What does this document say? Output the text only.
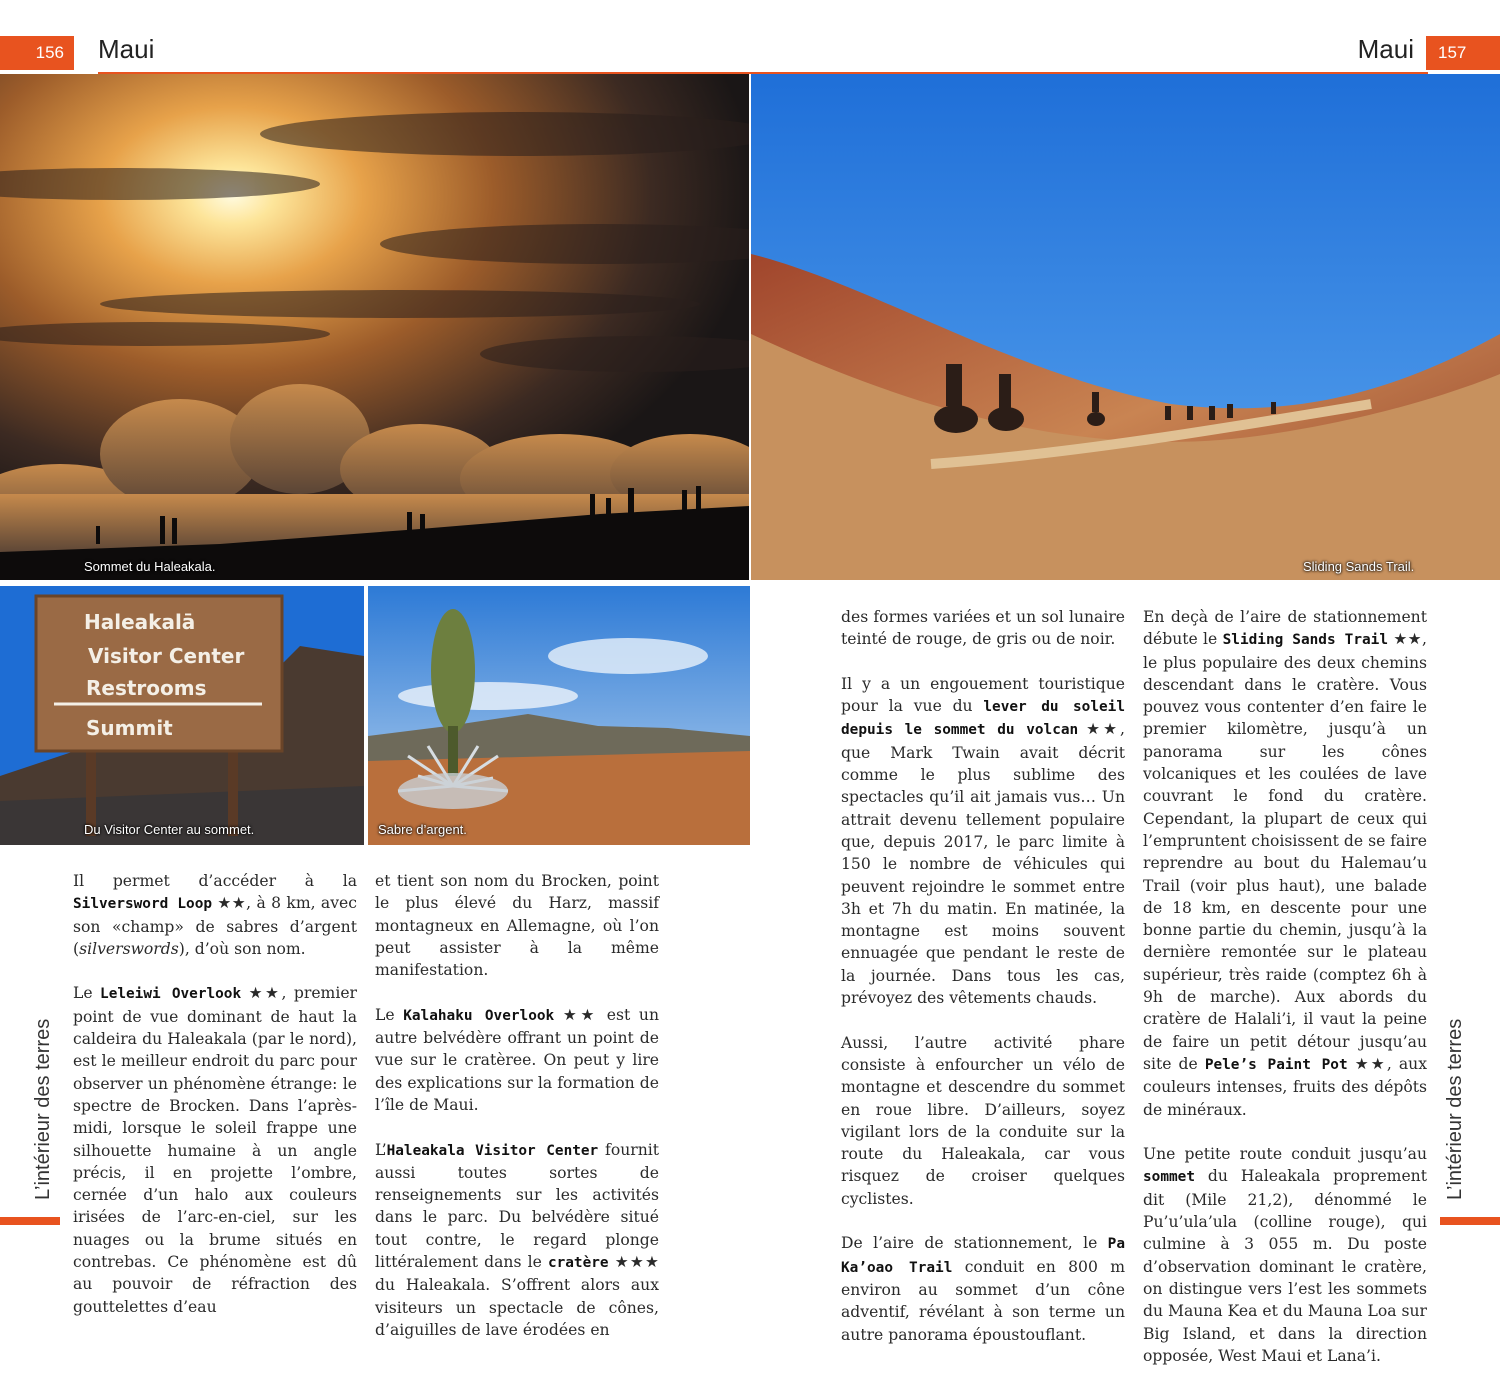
156	Maui	Maui	157
Sommet du Haleakala.	Sliding Sands Trail.
Haleakalā
Visitor Center
Restrooms
Summit
Du Visitor Center au sommet.	Sabre d’argent.
L’intérieur des terres	L’intérieur des terres

Il permet d’accéder à la Silversword Loop ★★, à 8 km, avec son «champ» de sabres d’argent (silverswords), d’où son nom.

Le Leleiwi Overlook ★★, premier point de vue dominant de haut la caldeira du Haleakala (par le nord), est le meilleur endroit du parc pour observer un phénomène étrange: le spectre de Brocken. Dans l’après-midi, lorsque le soleil frappe une silhouette humaine à un angle précis, il en projette l’ombre, cernée d’un halo aux couleurs irisées de l’arc-en-ciel, sur les nuages ou la brume situés en contrebas. Ce phénomène est dû au pouvoir de réfraction des gouttelettes d’eau

et tient son nom du Brocken, point le plus élevé du Harz, massif montagneux en Allemagne, où l’on peut assister à la même manifestation.

Le Kalahaku Overlook ★★ est un autre belvédère offrant un point de vue sur le cratèree. On peut y lire des explications sur la formation de l’île de Maui.

L’Haleakala Visitor Center fournit aussi toutes sortes de renseignements sur les activités dans le parc. Du belvédère situé tout contre, le regard plonge littéralement dans le cratère ★★★ du Haleakala. S’offrent alors aux visiteurs un spectacle de cônes, d’aiguilles de lave érodées en

des formes variées et un sol lunaire teinté de rouge, de gris ou de noir.

Il y a un engouement touristique pour la vue du lever du soleil depuis le sommet du volcan ★★, que Mark Twain avait décrit comme le plus sublime des spectacles qu’il ait jamais vus… Un attrait devenu tellement populaire que, depuis 2017, le parc limite à 150 le nombre de véhicules qui peuvent rejoindre le sommet entre 3h et 7h du matin. En matinée, la montagne est moins souvent ennuagée que pendant le reste de la journée. Dans tous les cas, prévoyez des vêtements chauds.

Aussi, l’autre activité phare consiste à enfourcher un vélo de montagne et descendre du sommet en roue libre. D’ailleurs, soyez vigilant lors de la conduite sur la route du Haleakala, car vous risquez de croiser quelques cyclistes.

De l’aire de stationnement, le Pa Ka’oao Trail conduit en 800 m environ au sommet d’un cône adventif, révélant à son terme un autre panorama époustouflant.

En deçà de l’aire de stationnement débute le Sliding Sands Trail ★★, le plus populaire des deux chemins descendant dans le cratère. Vous pouvez vous contenter d’en faire le premier kilomètre, jusqu’à un panorama sur les cônes volcaniques et les coulées de lave couvrant le fond du cratère. Cependant, la plupart de ceux qui l’empruntent choisissent de se faire reprendre au bout du Halemau’u Trail (voir plus haut), une balade de 18 km, en descente pour une bonne partie du chemin, jusqu’à la dernière remontée sur le plateau supérieur, très raide (comptez 6h à 9h de marche). Aux abords du cratère de Halali’i, il vaut la peine de faire un petit détour jusqu’au site de Pele’s Paint Pot ★★, aux couleurs intenses, fruits des dépôts de minéraux.

Une petite route conduit jusqu’au sommet du Haleakala proprement dit (Mile 21,2), dénommé le Pu’u’ula’ula (colline rouge), qui culmine à 3 055 m. Du poste d’observation dominant le cratère, on distingue vers l’est les sommets du Mauna Kea et du Mauna Loa sur Big Island, et dans la direction opposée, West Maui et Lana’i.
